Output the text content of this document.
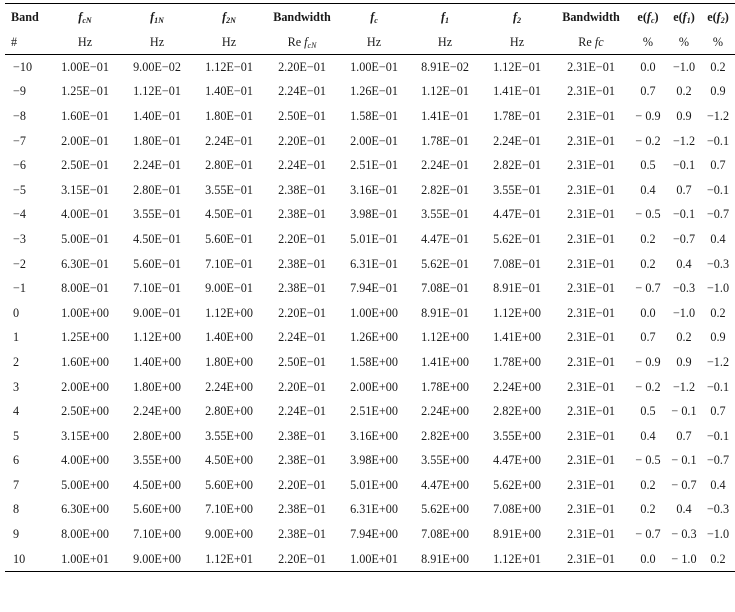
Band	$f_{cN}$	$f_{1N}$	$f_{2N}$	Bandwidth	$f_c$	$f_1$	$f_2$	Bandwidth	$e(f_c)$	$e(f_1)$	$e(f_2)$
#	Hz	Hz	Hz	Re $f_{cN}$	Hz	Hz	Hz	Re fc	%	%	%
−10	1.00E−01	9.00E−02	1.12E−01	2.20E−01	1.00E−01	8.91E−02	1.12E−01	2.31E−01	0.0	−1.0	0.2
−9	1.25E−01	1.12E−01	1.40E−01	2.24E−01	1.26E−01	1.12E−01	1.41E−01	2.31E−01	0.7	0.2	0.9
−8	1.60E−01	1.40E−01	1.80E−01	2.50E−01	1.58E−01	1.41E−01	1.78E−01	2.31E−01	− 0.9	0.9	−1.2
−7	2.00E−01	1.80E−01	2.24E−01	2.20E−01	2.00E−01	1.78E−01	2.24E−01	2.31E−01	− 0.2	−1.2	−0.1
−6	2.50E−01	2.24E−01	2.80E−01	2.24E−01	2.51E−01	2.24E−01	2.82E−01	2.31E−01	0.5	−0.1	0.7
−5	3.15E−01	2.80E−01	3.55E−01	2.38E−01	3.16E−01	2.82E−01	3.55E−01	2.31E−01	0.4	0.7	−0.1
−4	4.00E−01	3.55E−01	4.50E−01	2.38E−01	3.98E−01	3.55E−01	4.47E−01	2.31E−01	− 0.5	−0.1	−0.7
−3	5.00E−01	4.50E−01	5.60E−01	2.20E−01	5.01E−01	4.47E−01	5.62E−01	2.31E−01	0.2	−0.7	0.4
−2	6.30E−01	5.60E−01	7.10E−01	2.38E−01	6.31E−01	5.62E−01	7.08E−01	2.31E−01	0.2	0.4	−0.3
−1	8.00E−01	7.10E−01	9.00E−01	2.38E−01	7.94E−01	7.08E−01	8.91E−01	2.31E−01	− 0.7	−0.3	−1.0
0	1.00E+00	9.00E−01	1.12E+00	2.20E−01	1.00E+00	8.91E−01	1.12E+00	2.31E−01	0.0	−1.0	0.2
1	1.25E+00	1.12E+00	1.40E+00	2.24E−01	1.26E+00	1.12E+00	1.41E+00	2.31E−01	0.7	0.2	0.9
2	1.60E+00	1.40E+00	1.80E+00	2.50E−01	1.58E+00	1.41E+00	1.78E+00	2.31E−01	− 0.9	0.9	−1.2
3	2.00E+00	1.80E+00	2.24E+00	2.20E−01	2.00E+00	1.78E+00	2.24E+00	2.31E−01	− 0.2	−1.2	−0.1
4	2.50E+00	2.24E+00	2.80E+00	2.24E−01	2.51E+00	2.24E+00	2.82E+00	2.31E−01	0.5	− 0.1	0.7
5	3.15E+00	2.80E+00	3.55E+00	2.38E−01	3.16E+00	2.82E+00	3.55E+00	2.31E−01	0.4	0.7	−0.1
6	4.00E+00	3.55E+00	4.50E+00	2.38E−01	3.98E+00	3.55E+00	4.47E+00	2.31E−01	− 0.5	− 0.1	−0.7
7	5.00E+00	4.50E+00	5.60E+00	2.20E−01	5.01E+00	4.47E+00	5.62E+00	2.31E−01	0.2	− 0.7	0.4
8	6.30E+00	5.60E+00	7.10E+00	2.38E−01	6.31E+00	5.62E+00	7.08E+00	2.31E−01	0.2	0.4	−0.3
9	8.00E+00	7.10E+00	9.00E+00	2.38E−01	7.94E+00	7.08E+00	8.91E+00	2.31E−01	− 0.7	− 0.3	−1.0
10	1.00E+01	9.00E+00	1.12E+01	2.20E−01	1.00E+01	8.91E+00	1.12E+01	2.31E−01	0.0	− 1.0	0.2
